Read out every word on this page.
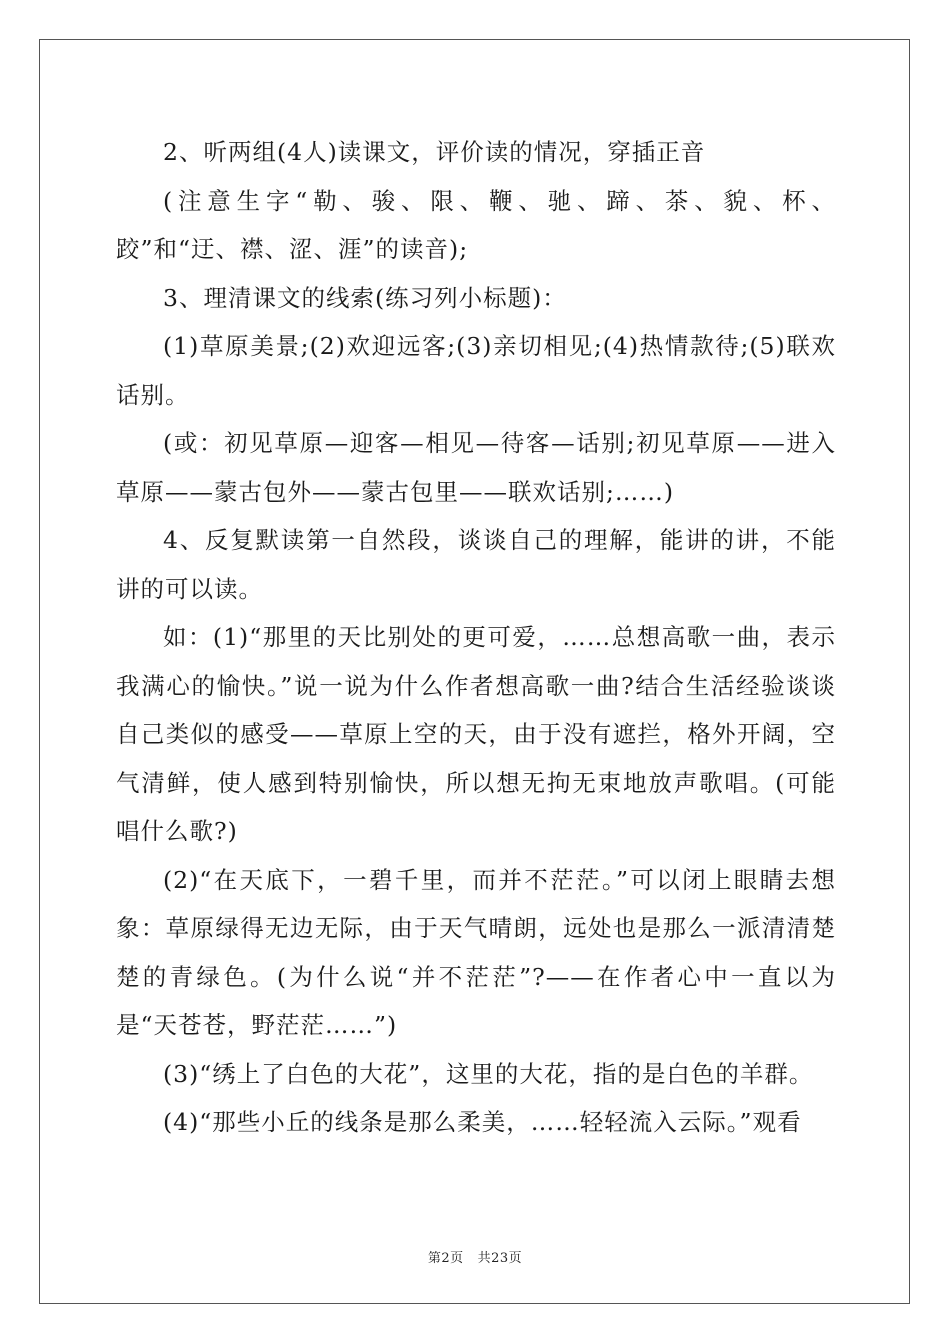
2、听两组(4人)读课文，评价读的情况，穿插正音

(注意生字“勒、骏、限、鞭、驰、蹄、茶、貌、杯、跤”和“迂、襟、涩、涯”的读音);

3、理清课文的线索(练习列小标题)：

(1)草原美景;(2)欢迎远客;(3)亲切相见;(4)热情款待;(5)联欢话别。

(或：初见草原—迎客—相见—待客—话别;初见草原——进入草原——蒙古包外——蒙古包里——联欢话别;……)

4、反复默读第一自然段，谈谈自己的理解，能讲的讲，不能讲的可以读。

如：(1)“那里的天比别处的更可爱，……总想高歌一曲，表示我满心的愉快。”说一说为什么作者想高歌一曲?结合生活经验谈谈自己类似的感受——草原上空的天，由于没有遮拦，格外开阔，空气清鲜，使人感到特别愉快，所以想无拘无束地放声歌唱。(可能唱什么歌?)

(2)“在天底下，一碧千里，而并不茫茫。”可以闭上眼睛去想象：草原绿得无边无际，由于天气晴朗，远处也是那么一派清清楚楚的青绿色。(为什么说“并不茫茫”?——在作者心中一直以为是“天苍苍，野茫茫……”)

(3)“绣上了白色的大花”，这里的大花，指的是白色的羊群。

(4)“那些小丘的线条是那么柔美，……轻轻流入云际。”观看

第2页 共23页
